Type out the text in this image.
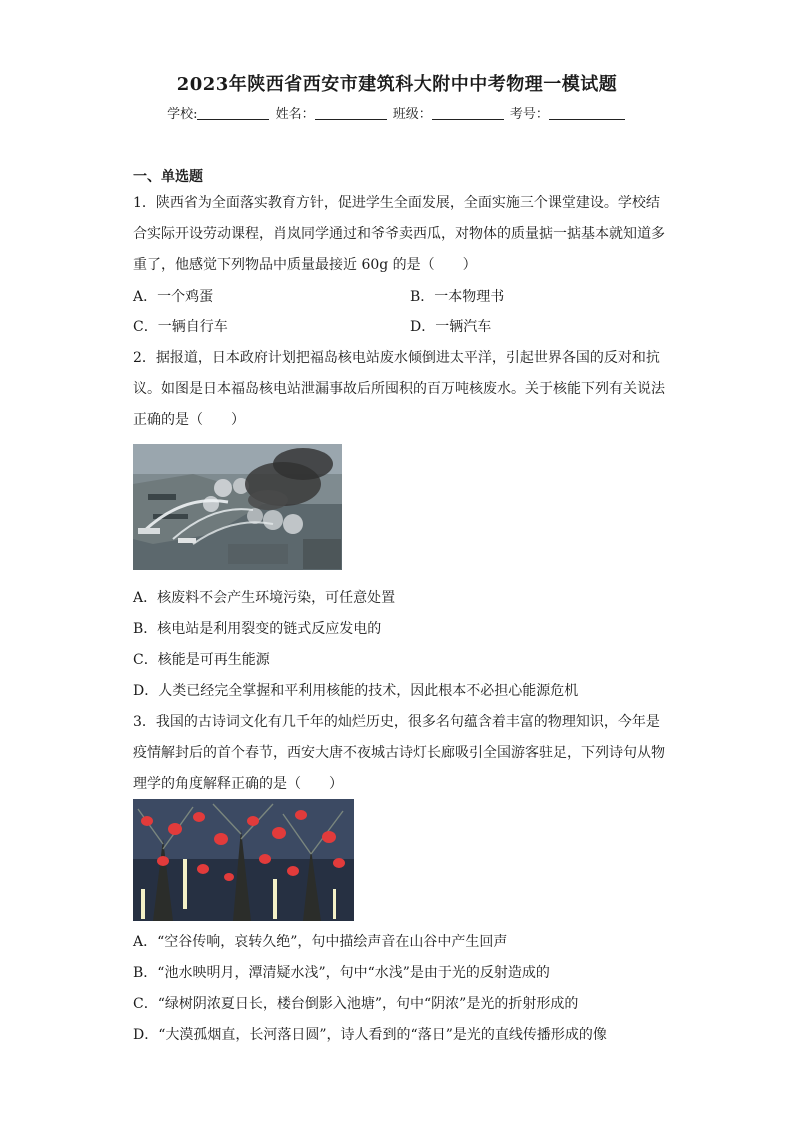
2023年陕西省西安市建筑科大附中中考物理一模试题
学校:	姓名：	班级：	考号：
一、单选题
1．陕西省为全面落实教育方针，促进学生全面发展，全面实施三个课堂建设。学校结
合实际开设劳动课程，肖岚同学通过和爷爷卖西瓜，对物体的质量掂一掂基本就知道多
重了，他感觉下列物品中质量最接近 60g 的是（　　）
A．一个鸡蛋	B．一本物理书
C．一辆自行车	D．一辆汽车
2．据报道，日本政府计划把福岛核电站废水倾倒进太平洋，引起世界各国的反对和抗
议。如图是日本福岛核电站泄漏事故后所囤积的百万吨核废水。关于核能下列有关说法
正确的是（　　）
A．核废料不会产生环境污染，可任意处置
B．核电站是利用裂变的链式反应发电的
C．核能是可再生能源
D．人类已经完全掌握和平利用核能的技术，因此根本不必担心能源危机
3．我国的古诗词文化有几千年的灿烂历史，很多名句蕴含着丰富的物理知识，今年是
疫情解封后的首个春节，西安大唐不夜城古诗灯长廊吸引全国游客驻足，下列诗句从物
理学的角度解释正确的是（　　）
A．“空谷传响，哀转久绝”，句中描绘声音在山谷中产生回声
B．“池水映明月，潭清疑水浅”，句中“水浅”是由于光的反射造成的
C．“绿树阴浓夏日长，楼台倒影入池塘”，句中“阴浓”是光的折射形成的
D．“大漠孤烟直，长河落日圆”，诗人看到的“落日”是光的直线传播形成的像
